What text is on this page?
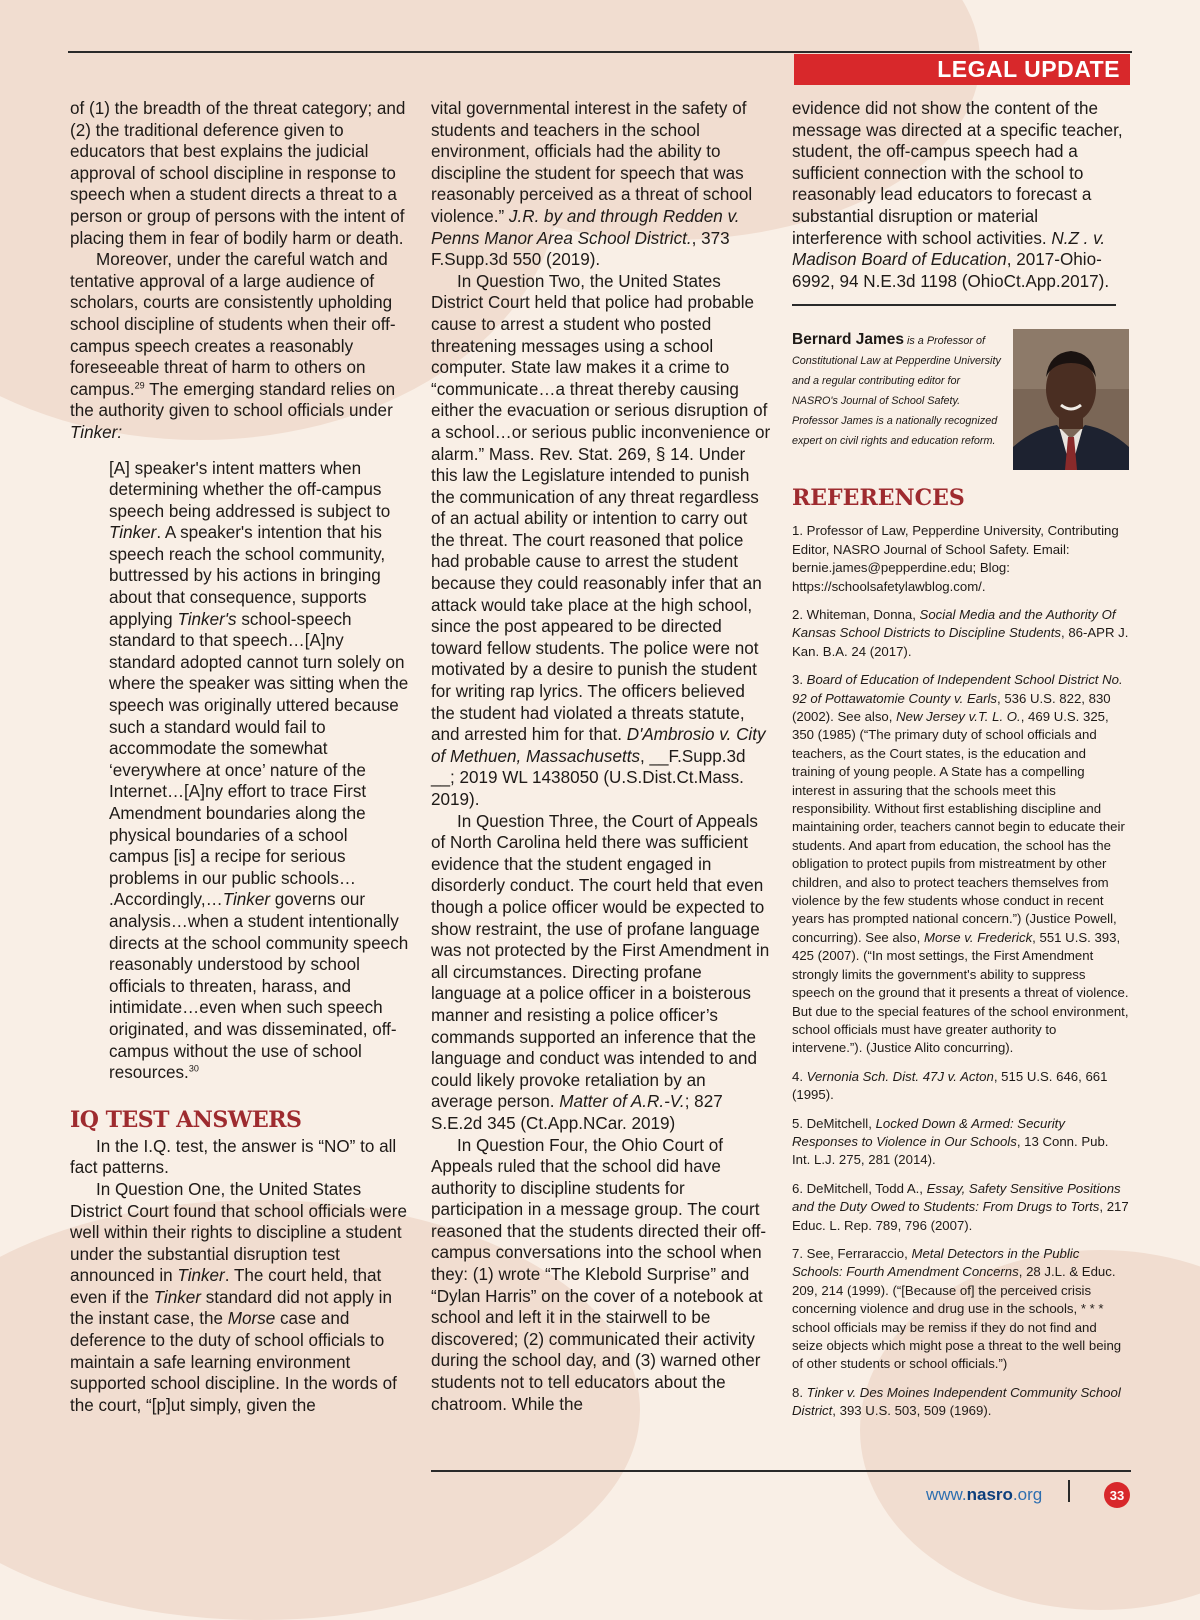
LEGAL UPDATE

of (1) the breadth of the threat category; and (2) the traditional deference given to educators that best explains the judicial approval of school discipline in response to speech when a student directs a threat to a person or group of persons with the intent of placing them in fear of bodily harm or death.

Moreover, under the careful watch and tentative approval of a large audience of scholars, courts are consistently upholding school discipline of students when their off-campus speech creates a reasonably foreseeable threat of harm to others on campus.$^{29}$ The emerging standard relies on the authority given to school officials under Tinker:

[A] speaker's intent matters when determining whether the off-campus speech being addressed is subject to Tinker. A speaker's intention that his speech reach the school community, buttressed by his actions in bringing about that consequence, supports applying Tinker's school-speech standard to that speech…[A]ny standard adopted cannot turn solely on where the speaker was sitting when the speech was originally uttered because such a standard would fail to accommodate the somewhat ‘everywhere at once’ nature of the Internet…[A]ny effort to trace First Amendment boundaries along the physical boundaries of a school campus [is] a recipe for serious problems in our public schools… .Accordingly,…Tinker governs our analysis…when a student intentionally directs at the school community speech reasonably understood by school officials to threaten, harass, and intimidate…even when such speech originated, and was disseminated, off-campus without the use of school resources.$^{30}$

IQ TEST ANSWERS

In the I.Q. test, the answer is “NO” to all fact patterns.

In Question One, the United States District Court found that school officials were well within their rights to discipline a student under the substantial disruption test announced in Tinker. The court held, that even if the Tinker standard did not apply in the instant case, the Morse case and deference to the duty of school officials to maintain a safe learning environment supported school discipline. In the words of the court, “[p]ut simply, given the

vital governmental interest in the safety of students and teachers in the school environment, officials had the ability to discipline the student for speech that was reasonably perceived as a threat of school violence.” J.R. by and through Redden v. Penns Manor Area School District., 373 F.Supp.3d 550 (2019).

In Question Two, the United States District Court held that police had probable cause to arrest a student who posted threatening messages using a school computer. State law makes it a crime to “communicate…a threat thereby causing either the evacuation or serious disruption of a school…or serious public inconvenience or alarm.” Mass. Rev. Stat. 269, § 14. Under this law the Legislature intended to punish the communication of any threat regardless of an actual ability or intention to carry out the threat. The court reasoned that police had probable cause to arrest the student because they could reasonably infer that an attack would take place at the high school, since the post appeared to be directed toward fellow students. The police were not motivated by a desire to punish the student for writing rap lyrics. The officers believed the student had violated a threats statute, and arrested him for that. D'Ambrosio v. City of Methuen, Massachusetts, __F.Supp.3d __; 2019 WL 1438050 (U.S.Dist.Ct.Mass. 2019).

In Question Three, the Court of Appeals of North Carolina held there was sufficient evidence that the student engaged in disorderly conduct. The court held that even though a police officer would be expected to show restraint, the use of profane language was not protected by the First Amendment in all circumstances. Directing profane language at a police officer in a boisterous manner and resisting a police officer’s commands supported an inference that the language and conduct was intended to and could likely provoke retaliation by an average person. Matter of A.R.-V.; 827 S.E.2d 345 (Ct.App.NCar. 2019)

In Question Four, the Ohio Court of Appeals ruled that the school did have authority to discipline students for participation in a message group. The court reasoned that the students directed their off-campus conversations into the school when they: (1) wrote “The Klebold Surprise” and “Dylan Harris” on the cover of a notebook at school and left it in the stairwell to be discovered; (2) communicated their activity during the school day, and (3) warned other students not to tell educators about the chatroom. While the

evidence did not show the content of the message was directed at a specific teacher, student, the off-campus speech had a sufficient connection with the school to reasonably lead educators to forecast a substantial disruption or material interference with school activities. N.Z . v. Madison Board of Education, 2017-Ohio-6992, 94 N.E.3d 1198 (OhioCt.App.2017).

Bernard James is a Professor of Constitutional Law at Pepperdine University and a regular contributing editor for NASRO's Journal of School Safety. Professor James is a nationally recognized expert on civil rights and education reform.

REFERENCES

1. Professor of Law, Pepperdine University, Contributing Editor, NASRO Journal of School Safety. Email: bernie.james@pepperdine.edu; Blog: https://schoolsafetylawblog.com/.

2. Whiteman, Donna, Social Media and the Authority Of Kansas School Districts to Discipline Students, 86-APR J. Kan. B.A. 24 (2017).

3. Board of Education of Independent School District No. 92 of Pottawatomie County v. Earls, 536 U.S. 822, 830 (2002). See also, New Jersey v.T. L. O., 469 U.S. 325, 350 (1985) (“The primary duty of school officials and teachers, as the Court states, is the education and training of young people. A State has a compelling interest in assuring that the schools meet this responsibility. Without first establishing discipline and maintaining order, teachers cannot begin to educate their students. And apart from education, the school has the obligation to protect pupils from mistreatment by other children, and also to protect teachers themselves from violence by the few students whose conduct in recent years has prompted national concern.”) (Justice Powell, concurring). See also, Morse v. Frederick, 551 U.S. 393, 425 (2007). (“In most settings, the First Amendment strongly limits the government's ability to suppress speech on the ground that it presents a threat of violence. But due to the special features of the school environment, school officials must have greater authority to intervene.”). (Justice Alito concurring).

4. Vernonia Sch. Dist. 47J v. Acton, 515 U.S. 646, 661 (1995).

5. DeMitchell, Locked Down & Armed: Security Responses to Violence in Our Schools, 13 Conn. Pub. Int. L.J. 275, 281 (2014).

6. DeMitchell, Todd A., Essay, Safety Sensitive Positions and the Duty Owed to Students: From Drugs to Torts, 217 Educ. L. Rep. 789, 796 (2007).

7. See, Ferraraccio, Metal Detectors in the Public Schools: Fourth Amendment Concerns, 28 J.L. & Educ. 209, 214 (1999). (“[Because of] the perceived crisis concerning violence and drug use in the schools, * * * school officials may be remiss if they do not find and seize objects which might pose a threat to the well being of other students or school officials.”)

8. Tinker v. Des Moines Independent Community School District, 393 U.S. 503, 509 (1969).

www.nasro.org	33
